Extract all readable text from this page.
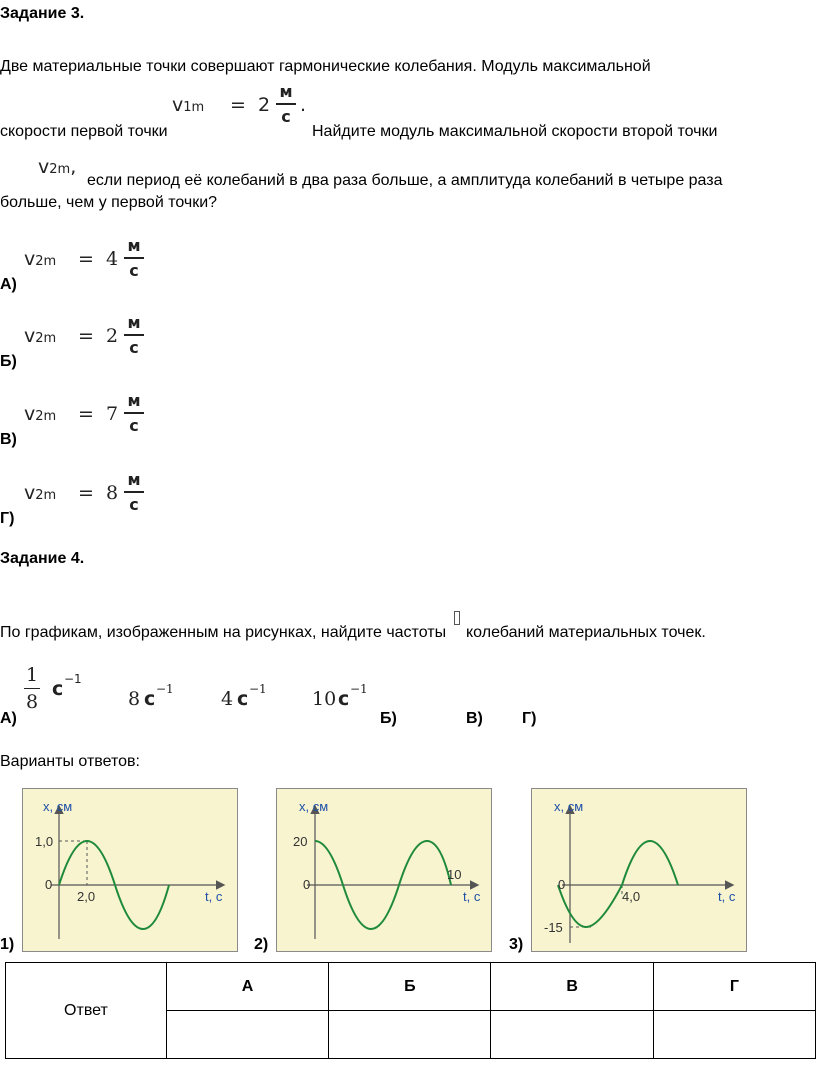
Задание 3.
Две материальные точки совершают гармонические колебания. Модуль максимальной
v1m = 2
м
с
.
скорости первой точки	Найдите модуль максимальной скорости второй точки
v2m,
если период её колебаний в два раза больше, а амплитуда колебаний в четыре раза
больше, чем у первой точки?
v2m = 4
м
с
А)
v2m = 2
м
с
Б)
v2m = 7
м
с
В)
v2m = 8
м
с
Г)
Задание 4.
По графикам, изображенным на рисунках, найдите частоты колебаний материальных точек.
1
8
с −1
8 с −1 4 с −1 10 с −1
А)	Б)	В) Г)
Варианты ответов:
x, см
t, c
0
1,0
2,0
1)
x, см
t, c
0
20
10
2)
x, см
t, c
0
-15
4,0
3)
Ответ	А	Б	В	Г
